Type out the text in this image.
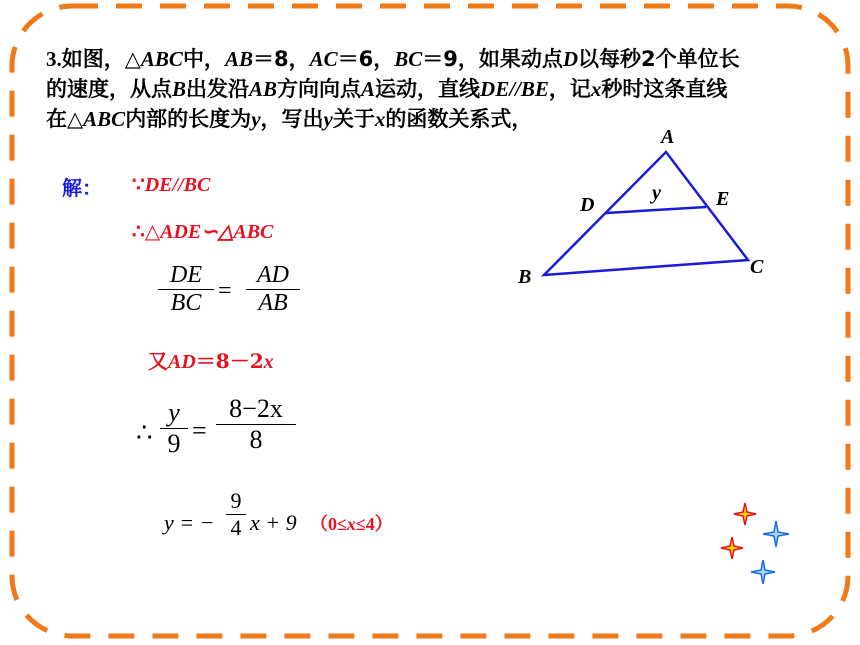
3.如图，△ABC中，AB＝8，AC＝6，BC＝9，如果动点D以每秒2个单位长
的速度，从点B出发沿AB方向向点A运动，直线DE//BE，记x秒时这条直线
在△ABC内部的长度为y，写出y关于x的函数关系式，
解： ∵DE//BC
∴△ADE∽△ABC
DE
BC =
AD
AB
又AD＝8－2x
∴
y
9 =
8−2x
8
y = −
9
4 x + 9 （0≤x≤4）
A
B	C
D	E
y
